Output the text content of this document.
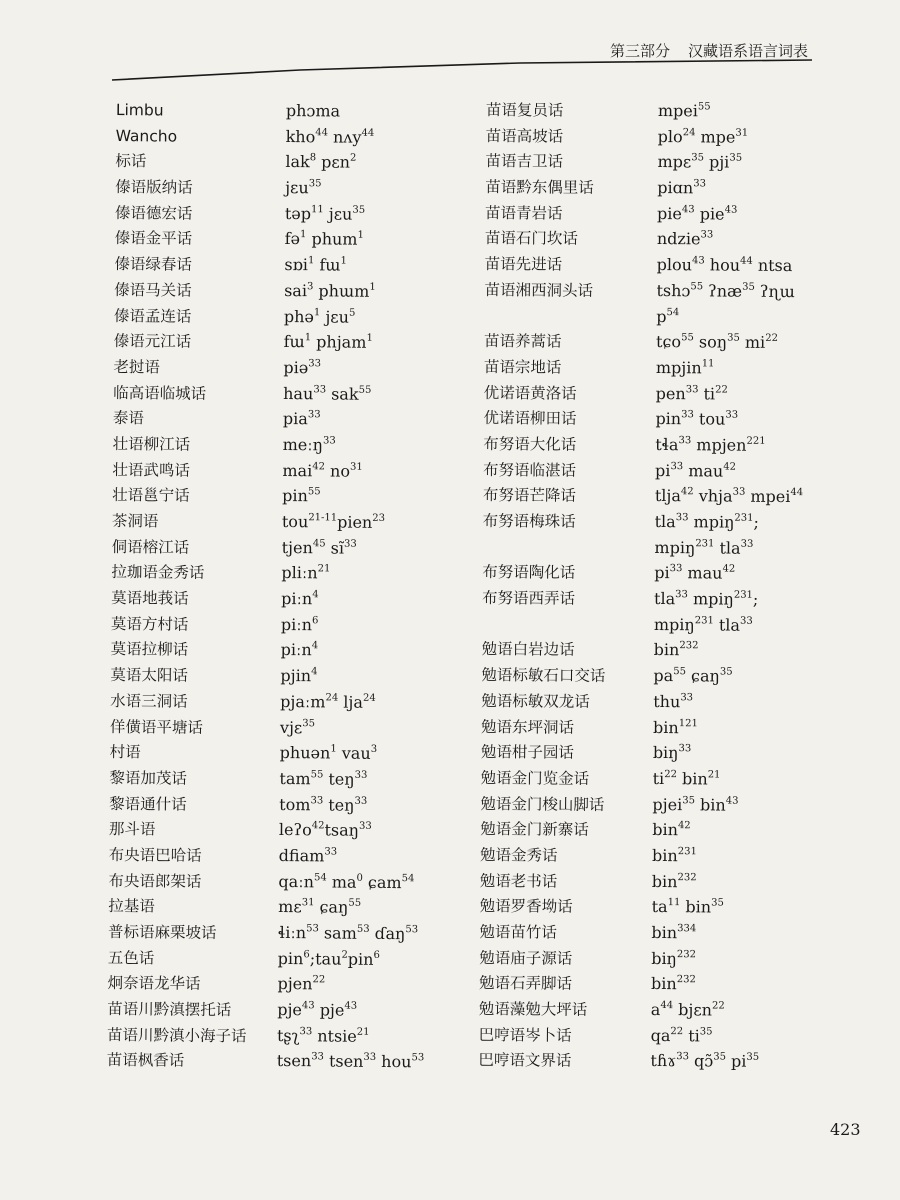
第三部分 汉藏语系语言词表
Limbu
Wancho
标话
傣语版纳话
傣语德宏话
傣语金平话
傣语绿春话
傣语马关话
傣语孟连话
傣语元江话
老挝语
临高语临城话
泰语
壮语柳江话
壮语武鸣话
壮语邕宁话
茶洞语
侗语榕江话
拉珈语金秀话
莫语地莪话
莫语方村话
莫语拉柳话
莫语太阳话
水语三洞话
佯僙语平塘话
村语
黎语加茂话
黎语通什话
那斗语
布央语巴哈话
布央语郎架话
拉基语
普标语麻栗坡话
五色话
炯奈语龙华话
苗语川黔滇摆托话
苗语川黔滇小海子话
苗语枫香话
phɔma
kho$^{44}$ nʌy$^{44}$
lak$^8$ pɛn$^2$
jɛu$^{35}$
təp$^{11}$ jɛu$^{35}$
fə$^1$ phum$^1$
sɒi$^1$ fɯ$^1$
sai$^3$ phɯm$^1$
phə$^1$ jɛu$^5$
fɯ$^1$ phjam$^1$
piə$^{33}$
hau$^{33}$ sak$^{55}$
pia$^{33}$
meːŋ$^{33}$
mai$^{42}$ $no^{31}$
pin$^{55}$
tou$^{21-11}$pien$^{23}$
tjen$^{45}$ $sĩ^{33}$
pliːn$^{21}$
piːn$^4$
piːn$^6$
piːn$^4$
pjin$^4$
pjaːm$^{24}$ lja$^{24}$
vjɛ$^{35}$
phuən$^1$ vau$^3$
tam$^{55}$ teŋ$^{33}$
tom$^{33}$ teŋ$^{33}$
leʔo$^{42}$tsaŋ$^{33}$
dfiam$^{33}$
qaːn$^{54}$ $ma^0$ ɕam$^{54}$
mɛ$^{31}$ ɕaŋ$^{55}$
ɬiːn$^{53}$ sam$^{53}$ ɗaŋ$^{53}$
pin$^6$;tau$^2$pin$^6$
pjen$^{22}$
pje$^{43}$ pje$^{43}$
tʂʅ$^{33}$ ntsie$^{21}$
tsen$^{33}$ tsen$^{33}$ hou$^{53}$
苗语复员话
苗语高坡话
苗语吉卫话
苗语黔东偶里话
苗语青岩话
苗语石门坎话
苗语先进话
苗语湘西洞头话
苗语养蒿话
苗语宗地话
优诺语黄洛话
优诺语柳田话
布努语大化话
布努语临湛话
布努语芒降话
布努语梅珠话
布努语陶化话
布努语西弄话
勉语白岩边话
勉语标敏石口交话
勉语标敏双龙话
勉语东坪洞话
勉语柑子园话
勉语金门览金话
勉语金门梭山脚话
勉语金门新寨话
勉语金秀话
勉语老书话
勉语罗香坳话
勉语苗竹话
勉语庙子源话
勉语石弄脚话
勉语藻勉大坪话
巴哼语岑卜话
巴哼语文界话
mpei$^{55}$
plo$^{24}$ mpe$^{31}$
mpɛ$^{35}$ pji$^{35}$
piɑn$^{33}$
pie$^{43}$ pie$^{43}$
ndzie$^{33}$
plou$^{43}$ hou$^{44}$ ntsa
tshɔ$^{55}$ ʔnæ$^{35}$ ʔɳɯ
$p^{54}$
tɕo$^{55}$ soŋ$^{35}$ $mi^{22}$
mpjin$^{11}$
pen$^{33}$ $ti^{22}$
pin$^{33}$ tou$^{33}$
tɬa$^{33}$ mpjen$^{221}$
$pi^{33}$ mau$^{42}$
tlja$^{42}$ vhja$^{33}$ mpei$^{44}$
tla$^{33}$ mpiŋ$^{231}$;
mpiŋ$^{231}$ tla$^{33}$
$pi^{33}$ mau$^{42}$
tla$^{33}$ mpiŋ$^{231}$;
mpiŋ$^{231}$ tla$^{33}$
bin$^{232}$
$pa^{55}$ ɕaŋ$^{35}$
thu$^{33}$
bin$^{121}$
biŋ$^{33}$
$ti^{22}$ bin$^{21}$
pjei$^{35}$ bin$^{43}$
bin$^{42}$
bin$^{231}$
bin$^{232}$
$ta^{11}$ bin$^{35}$
bin$^{334}$
biŋ$^{232}$
bin$^{232}$
$a^{44}$ bjɛn$^{22}$
$qa^{22}$ $ti^{35}$
tɦɤ$^{33}$ qɔ̃$^{35}$ $pi^{35}$
423
